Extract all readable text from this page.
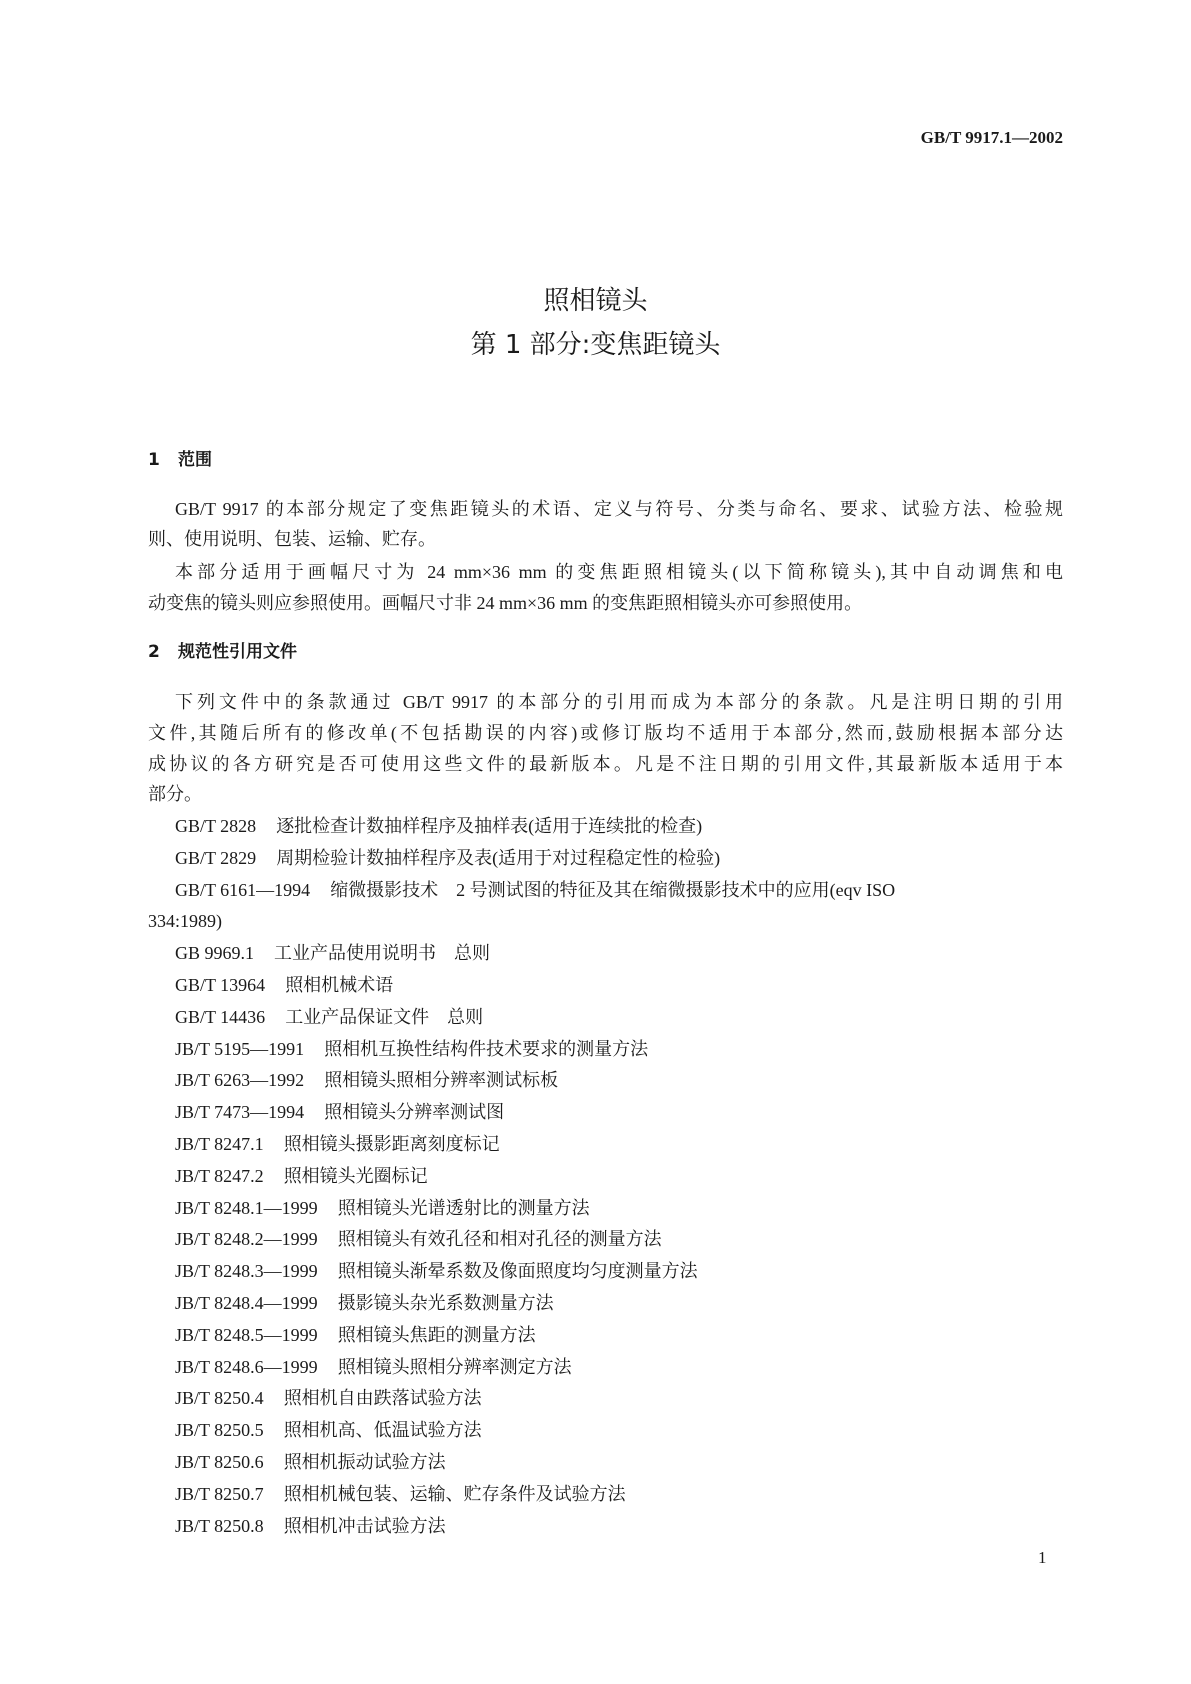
GB/T 9917.1—2002
照相镜头
第 1 部分:变焦距镜头
1 范围
GB/T 9917 的本部分规定了变焦距镜头的术语、定义与符号、分类与命名、要求、试验方法、检验规
则、使用说明、包装、运输、贮存。
本部分适用于画幅尺寸为 24 mm×36 mm 的变焦距照相镜头(以下简称镜头),其中自动调焦和电
动变焦的镜头则应参照使用。画幅尺寸非 24 mm×36 mm 的变焦距照相镜头亦可参照使用。
2 规范性引用文件
下列文件中的条款通过 GB/T 9917 的本部分的引用而成为本部分的条款。凡是注明日期的引用
文件,其随后所有的修改单(不包括勘误的内容)或修订版均不适用于本部分,然而,鼓励根据本部分达
成协议的各方研究是否可使用这些文件的最新版本。凡是不注日期的引用文件,其最新版本适用于本
部分。
GB/T 2828 逐批检查计数抽样程序及抽样表(适用于连续批的检查)
GB/T 2829 周期检验计数抽样程序及表(适用于对过程稳定性的检验)
GB/T 6161—1994 缩微摄影技术　2 号测试图的特征及其在缩微摄影技术中的应用(eqv ISO
334:1989)
GB 9969.1 工业产品使用说明书　总则
GB/T 13964 照相机械术语
GB/T 14436 工业产品保证文件　总则
JB/T 5195—1991 照相机互换性结构件技术要求的测量方法
JB/T 6263—1992 照相镜头照相分辨率测试标板
JB/T 7473—1994 照相镜头分辨率测试图
JB/T 8247.1 照相镜头摄影距离刻度标记
JB/T 8247.2 照相镜头光圈标记
JB/T 8248.1—1999 照相镜头光谱透射比的测量方法
JB/T 8248.2—1999 照相镜头有效孔径和相对孔径的测量方法
JB/T 8248.3—1999 照相镜头渐晕系数及像面照度均匀度测量方法
JB/T 8248.4—1999 摄影镜头杂光系数测量方法
JB/T 8248.5—1999 照相镜头焦距的测量方法
JB/T 8248.6—1999 照相镜头照相分辨率测定方法
JB/T 8250.4 照相机自由跌落试验方法
JB/T 8250.5 照相机高、低温试验方法
JB/T 8250.6 照相机振动试验方法
JB/T 8250.7 照相机械包装、运输、贮存条件及试验方法
JB/T 8250.8 照相机冲击试验方法
1
